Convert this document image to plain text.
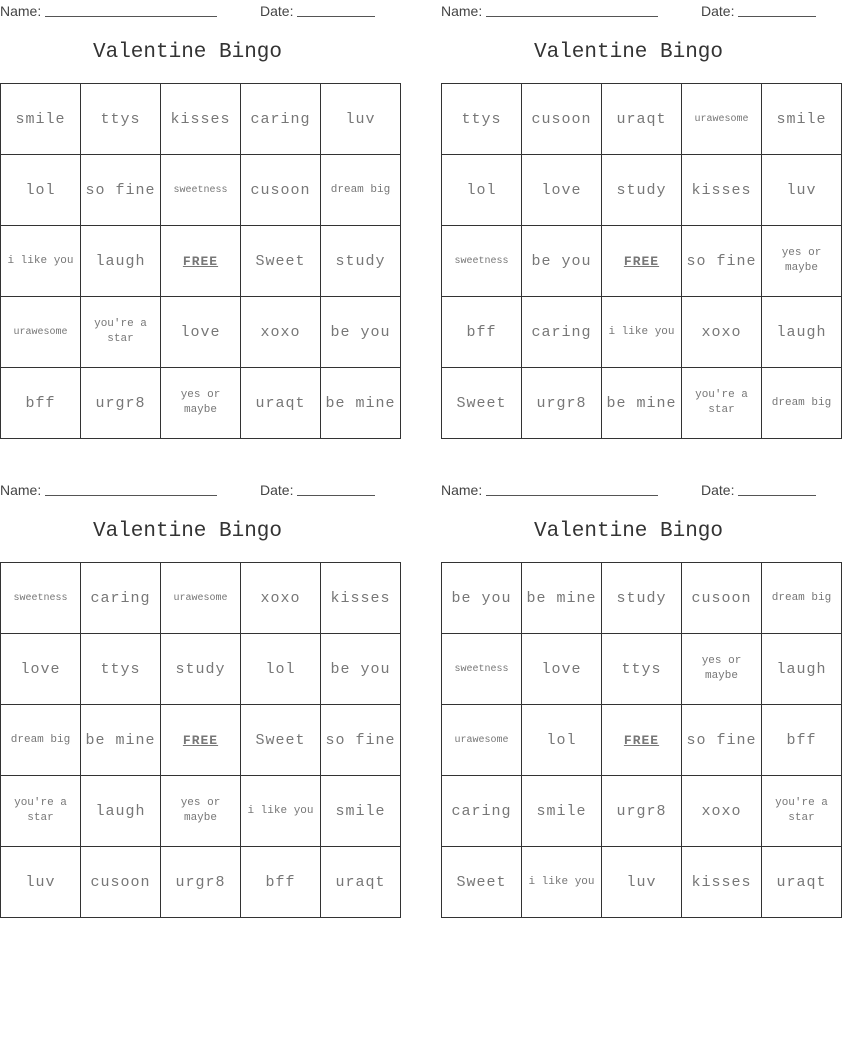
Name:	Date:
Valentine Bingo
smile	ttys	kisses	caring	luv
lol	so fine	sweetness	cusoon	dream big
i like you	laugh	FREE	Sweet	study
urawesome	you're a star	love	xoxo	be you
bff	urgr8	yes or maybe	uraqt	be mine
Name:	Date:
Valentine Bingo
ttys	cusoon	uraqt	urawesome	smile
lol	love	study	kisses	luv
sweetness	be you	FREE	so fine	yes or maybe
bff	caring	i like you	xoxo	laugh
Sweet	urgr8	be mine	you're a star	dream big
Name:	Date:
Valentine Bingo
sweetness	caring	urawesome	xoxo	kisses
love	ttys	study	lol	be you
dream big	be mine	FREE	Sweet	so fine
you're a star	laugh	yes or maybe	i like you	smile
luv	cusoon	urgr8	bff	uraqt
Name:	Date:
Valentine Bingo
be you	be mine	study	cusoon	dream big
sweetness	love	ttys	yes or maybe	laugh
urawesome	lol	FREE	so fine	bff
caring	smile	urgr8	xoxo	you're a star
Sweet	i like you	luv	kisses	uraqt
